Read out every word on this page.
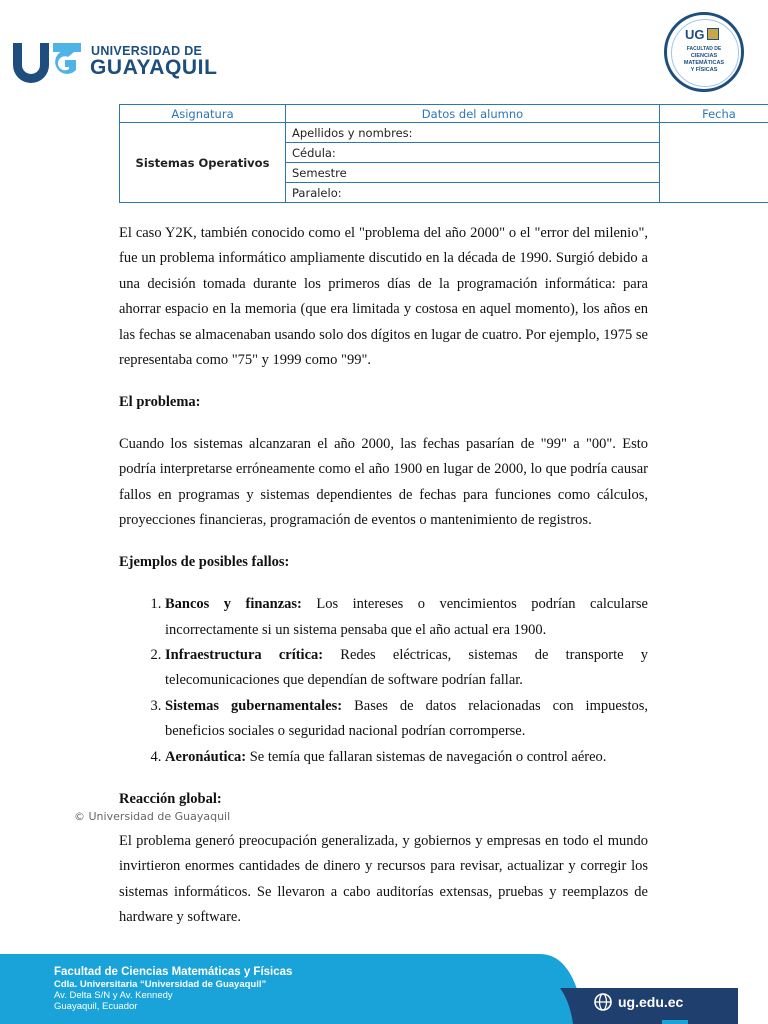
UNIVERSIDAD DE
GUAYAQUIL
UG
FACULTAD DE
CIENCIAS
MATEMÁTICAS
Y FÍSICAS
Asignatura	Datos del alumno	Fecha
Sistemas Operativos	Apellidos y nombres:	
	Cédula:	
	Semestre	
	Paralelo:	

El caso Y2K, también conocido como el "problema del año 2000" o el "error del milenio", fue un problema informático ampliamente discutido en la década de 1990. Surgió debido a una decisión tomada durante los primeros días de la programación informática: para ahorrar espacio en la memoria (que era limitada y costosa en aquel momento), los años en las fechas se almacenaban usando solo dos dígitos en lugar de cuatro. Por ejemplo, 1975 se representaba como "75" y 1999 como "99".

El problema:

Cuando los sistemas alcanzaran el año 2000, las fechas pasarían de "99" a "00". Esto podría interpretarse erróneamente como el año 1900 en lugar de 2000, lo que podría causar fallos en programas y sistemas dependientes de fechas para funciones como cálculos, proyecciones financieras, programación de eventos o mantenimiento de registros.

Ejemplos de posibles fallos:
1. Bancos y finanzas: Los intereses o vencimientos podrían calcularse incorrectamente si un sistema pensaba que el año actual era 1900.
2. Infraestructura crítica: Redes eléctricas, sistemas de transporte y telecomunicaciones que dependían de software podrían fallar.
3. Sistemas gubernamentales: Bases de datos relacionadas con impuestos, beneficios sociales o seguridad nacional podrían corromperse.
4. Aeronáutica: Se temía que fallaran sistemas de navegación o control aéreo.
Reacción global:

El problema generó preocupación generalizada, y gobiernos y empresas en todo el mundo invirtieron enormes cantidades de dinero y recursos para revisar, actualizar y corregir los sistemas informáticos. Se llevaron a cabo auditorías extensas, pruebas y reemplazos de hardware y software.

© Universidad de Guayaquil
Facultad de Ciencias Matemáticas y Físicas
Cdla. Universitaria “Universidad de Guayaquil”
Av. Delta S/N y Av. Kennedy
Guayaquil, Ecuador	ug.edu.ec
